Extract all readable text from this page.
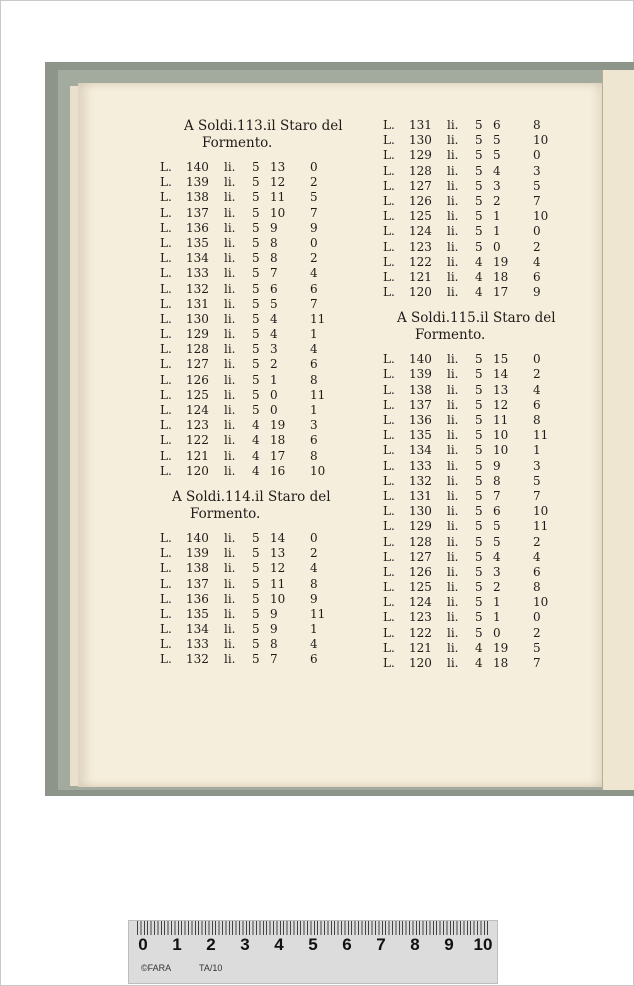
A Soldi.113.il Staro del
Formento.
L. 140 li. 5 13 0
L. 139 li. 5 12 2
L. 138 li. 5 11 5
L. 137 li. 5 10 7
L. 136 li. 5 9	9
L. 135 li. 5 8	0
L. 134 li. 5 8	2
L. 133 li. 5 7	4
L. 132 li. 5 6	6
L. 131 li. 5 5	7
L. 130 li. 5 4	11
L. 129 li. 5 4	1
L. 128 li. 5 3	4
L. 127 li. 5 2	6
L. 126 li. 5 1	8
L. 125 li. 5 0	11
L. 124 li. 5 0	1
L. 123 li. 4 19 3
L. 122 li. 4 18 6
L. 121 li. 4 17 8
L. 120 li. 4 16 10
A Soldi.114.il Staro del
Formento.
L. 140 li. 5 14 0
L. 139 li. 5 13 2
L. 138 li. 5 12 4
L. 137 li. 5 11 8
L. 136 li. 5 10 9
L. 135 li. 5 9	11
L. 134 li. 5 9	1
L. 133 li. 5 8	4
L. 132 li. 5 7	6
L. 131 li. 5 6	8
L. 130 li. 5 5	10
L. 129 li. 5 5	0
L. 128 li. 5 4	3
L. 127 li. 5 3	5
L. 126 li. 5 2	7
L. 125 li. 5 1	10
L. 124 li. 5 1	0
L. 123 li. 5 0	2
L. 122 li. 4 19 4
L. 121 li. 4 18 6
L. 120 li. 4 17 9
A Soldi.115.il Staro del
Formento.
L. 140 li. 5 15 0
L. 139 li. 5 14 2
L. 138 li. 5 13 4
L. 137 li. 5 12 6
L. 136 li. 5 11 8
L. 135 li. 5 10 11
L. 134 li. 5 10 1
L. 133 li. 5 9	3
L. 132 li. 5 8	5
L. 131 li. 5 7	7
L. 130 li. 5 6	10
L. 129 li. 5 5	11
L. 128 li. 5 5	2
L. 127 li. 5 4	4
L. 126 li. 5 3	6
L. 125 li. 5 2	8
L. 124 li. 5 1	10
L. 123 li. 5 1	0
L. 122 li. 5 0	2
L. 121 li. 4 19 5
L. 120 li. 4 18 7
0	1	2	3	4	5	6	7	8	9	10
©FARA	TA/10
